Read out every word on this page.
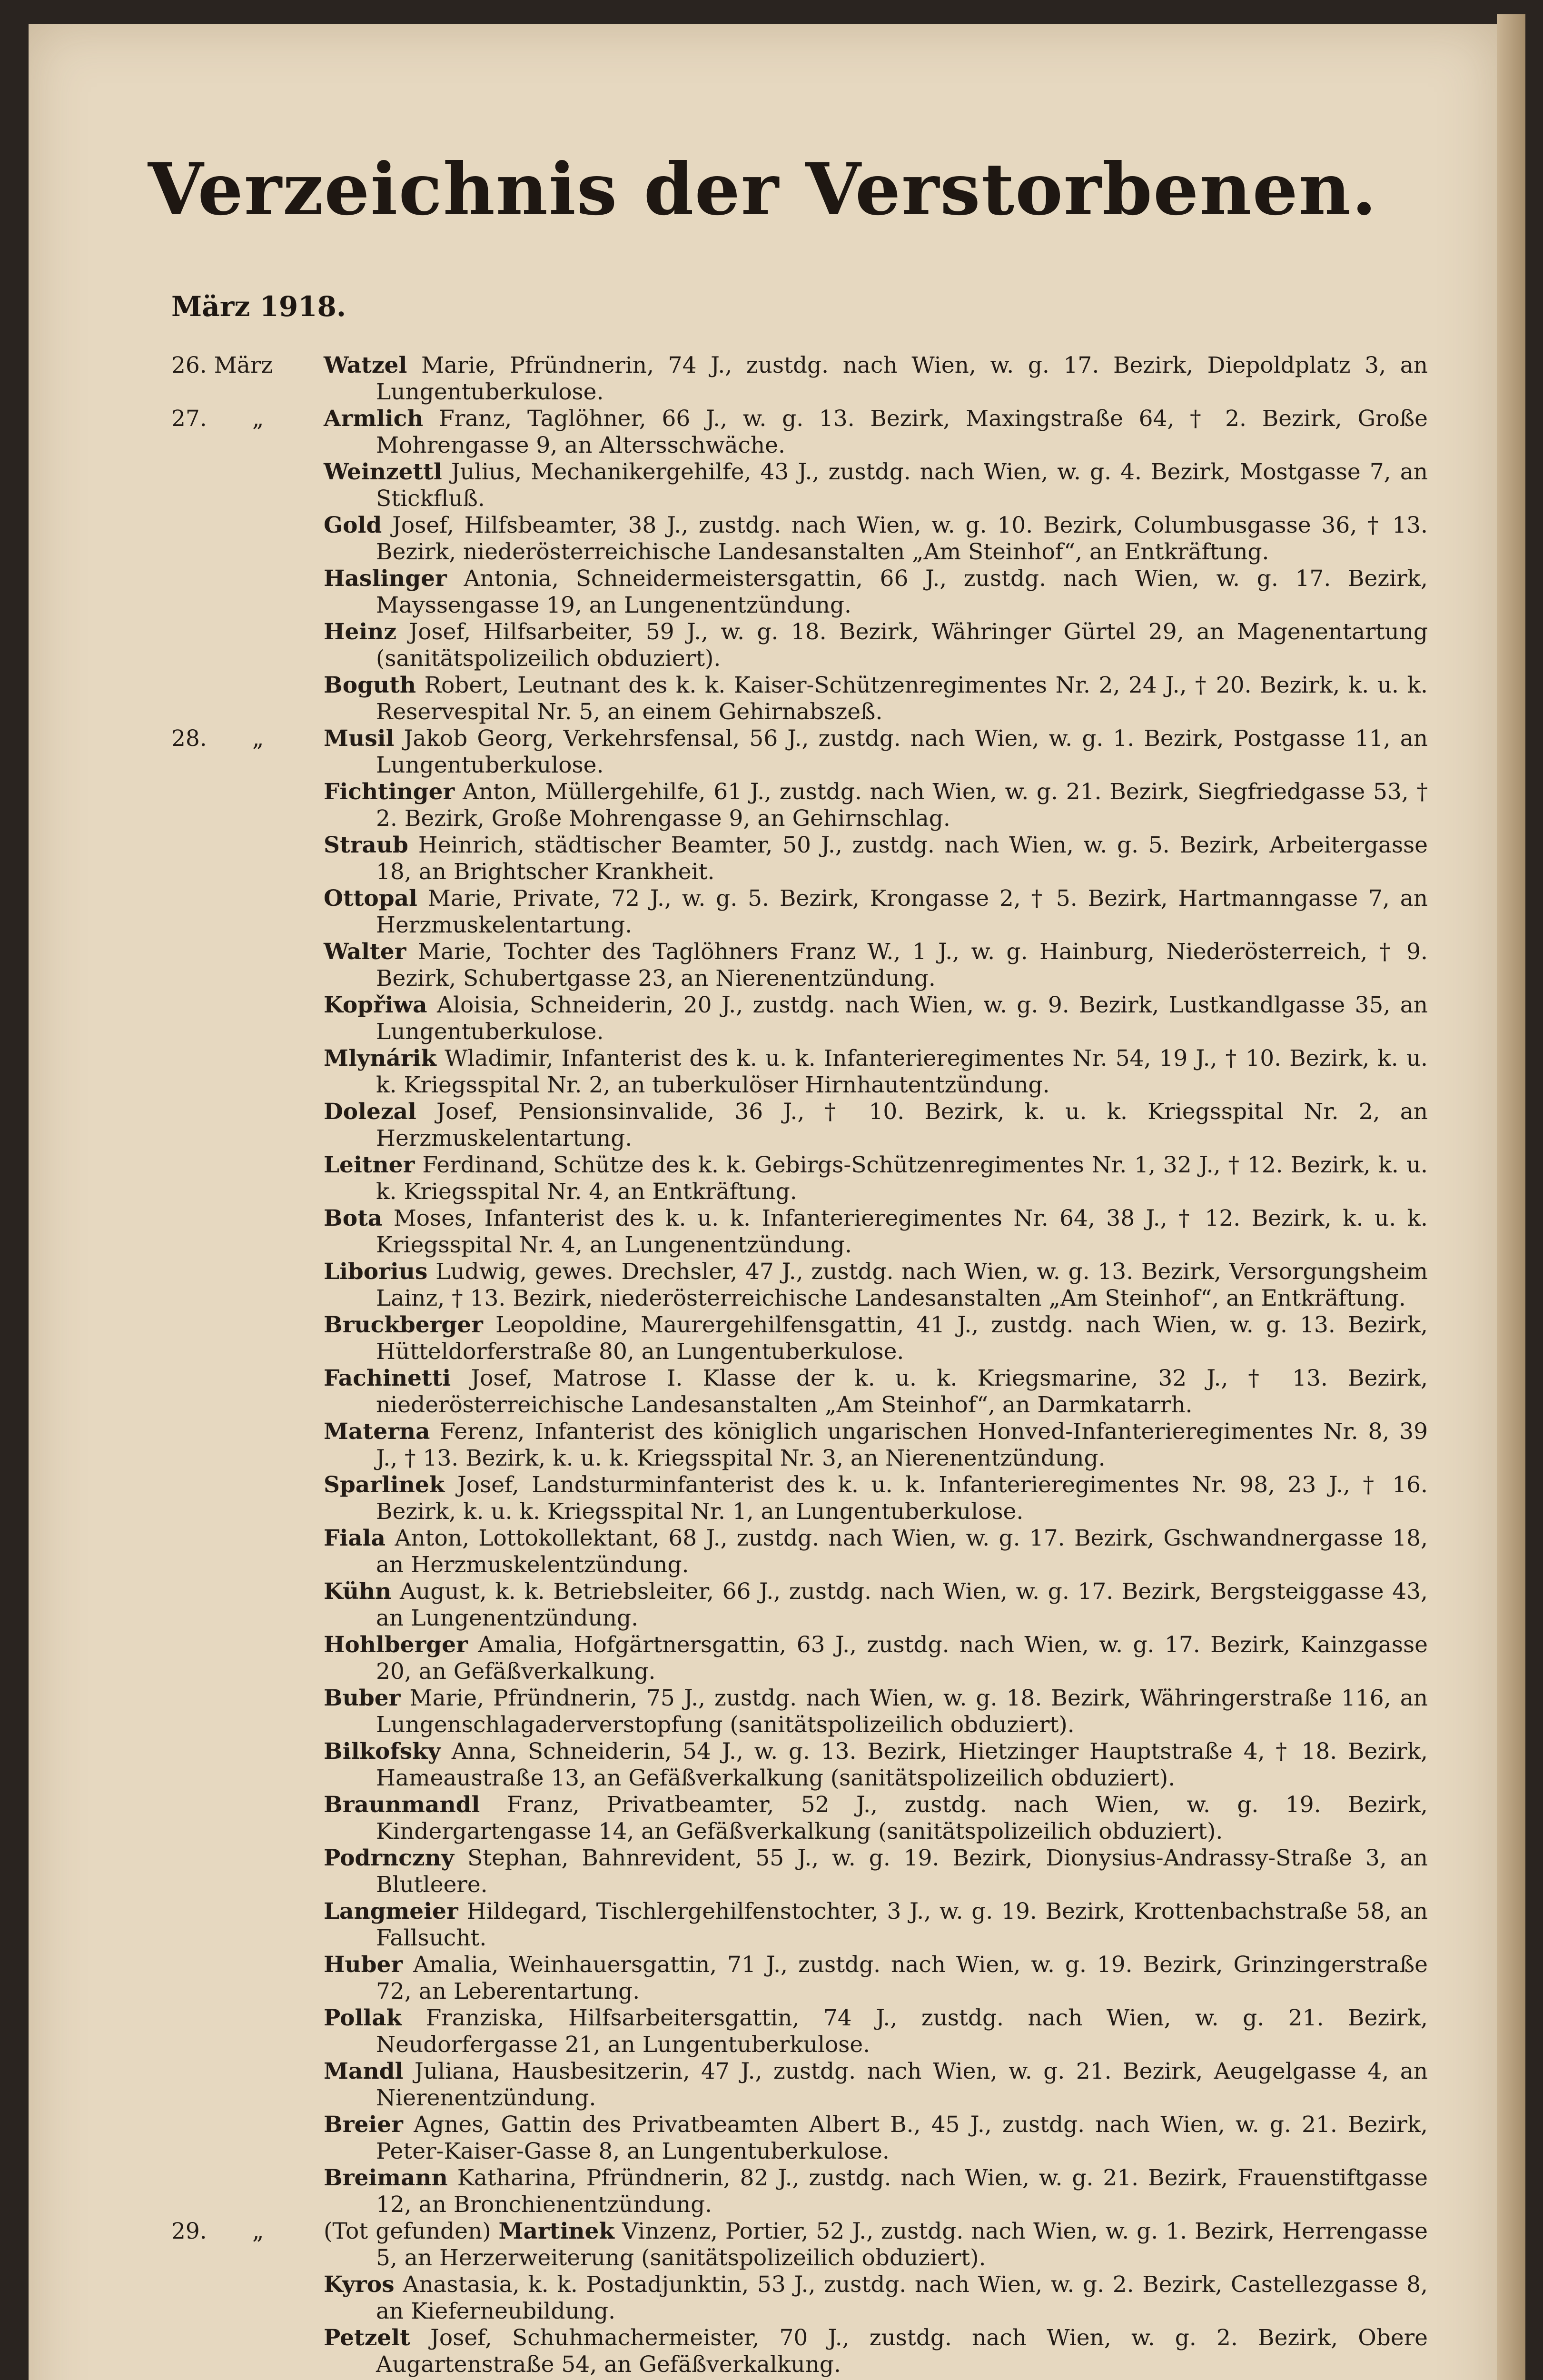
Verzeichnis der Verstorbenen.
März 1918.
26. März Watzel Marie, Pfründnerin, 74 J., zustdg. nach Wien, w. g. 17. Bezirk, Diepoldplatz 3, an Lungentuberkulose.
27. „	Armlich Franz, Taglöhner, 66 J., w. g. 13. Bezirk, Maxingstraße 64, † 2. Bezirk, Große Mohrengasse 9, an Altersschwäche.
Weinzettl Julius, Mechanikergehilfe, 43 J., zustdg. nach Wien, w. g. 4. Bezirk, Mostgasse 7, an Stickfluß.
Gold Josef, Hilfsbeamter, 38 J., zustdg. nach Wien, w. g. 10. Bezirk, Columbusgasse 36, † 13. Bezirk, niederösterreichische Landesanstalten „Am Steinhof“, an Entkräftung.
Haslinger Antonia, Schneidermeistersgattin, 66 J., zustdg. nach Wien, w. g. 17. Bezirk, Mayssengasse 19, an Lungenentzündung.
Heinz Josef, Hilfsarbeiter, 59 J., w. g. 18. Bezirk, Währinger Gürtel 29, an Magenentartung (sanitätspolizeilich obduziert).
Boguth Robert, Leutnant des k. k. Kaiser-Schützenregimentes Nr. 2, 24 J., † 20. Bezirk, k. u. k. Reservespital Nr. 5, an einem Gehirnabszeß.
28. „	Musil Jakob Georg, Verkehrsfensal, 56 J., zustdg. nach Wien, w. g. 1. Bezirk, Postgasse 11, an Lungentuberkulose.
Fichtinger Anton, Müllergehilfe, 61 J., zustdg. nach Wien, w. g. 21. Bezirk, Siegfriedgasse 53, † 2. Bezirk, Große Mohrengasse 9, an Gehirnschlag.
Straub Heinrich, städtischer Beamter, 50 J., zustdg. nach Wien, w. g. 5. Bezirk, Arbeitergasse 18, an Brightscher Krankheit.
Ottopal Marie, Private, 72 J., w. g. 5. Bezirk, Krongasse 2, † 5. Bezirk, Hartmanngasse 7, an Herzmuskelentartung.
Walter Marie, Tochter des Taglöhners Franz W., 1 J., w. g. Hainburg, Niederösterreich, † 9. Bezirk, Schubertgasse 23, an Nierenentzündung.
Kopřiwa Aloisia, Schneiderin, 20 J., zustdg. nach Wien, w. g. 9. Bezirk, Lustkandlgasse 35, an Lungentuberkulose.
Mlynárik Wladimir, Infanterist des k. u. k. Infanterieregimentes Nr. 54, 19 J., † 10. Bezirk, k. u. k. Kriegsspital Nr. 2, an tuberkulöser Hirnhautentzündung.
Dolezal Josef, Pensionsinvalide, 36 J., † 10. Bezirk, k. u. k. Kriegsspital Nr. 2, an Herzmuskelentartung.
Leitner Ferdinand, Schütze des k. k. Gebirgs-Schützenregimentes Nr. 1, 32 J., † 12. Bezirk, k. u. k. Kriegsspital Nr. 4, an Entkräftung.
Bota Moses, Infanterist des k. u. k. Infanterieregimentes Nr. 64, 38 J., † 12. Bezirk, k. u. k. Kriegsspital Nr. 4, an Lungenentzündung.
Liborius Ludwig, gewes. Drechsler, 47 J., zustdg. nach Wien, w. g. 13. Bezirk, Versorgungsheim Lainz, † 13. Bezirk, niederösterreichische Landesanstalten „Am Steinhof“, an Entkräftung.
Bruckberger Leopoldine, Maurergehilfensgattin, 41 J., zustdg. nach Wien, w. g. 13. Bezirk, Hütteldorferstraße 80, an Lungentuberkulose.
Fachinetti Josef, Matrose I. Klasse der k. u. k. Kriegsmarine, 32 J., † 13. Bezirk, niederösterreichische Landesanstalten „Am Steinhof“, an Darmkatarrh.
Materna Ferenz, Infanterist des königlich ungarischen Honved-Infanterieregimentes Nr. 8, 39 J., † 13. Bezirk, k. u. k. Kriegsspital Nr. 3, an Nierenentzündung.
Sparlinek Josef, Landsturminfanterist des k. u. k. Infanterieregimentes Nr. 98, 23 J., † 16. Bezirk, k. u. k. Kriegsspital Nr. 1, an Lungentuberkulose.
Fiala Anton, Lottokollektant, 68 J., zustdg. nach Wien, w. g. 17. Bezirk, Gschwandnergasse 18, an Herzmuskelentzündung.
Kühn August, k. k. Betriebsleiter, 66 J., zustdg. nach Wien, w. g. 17. Bezirk, Bergsteiggasse 43, an Lungenentzündung.
Hohlberger Amalia, Hofgärtnersgattin, 63 J., zustdg. nach Wien, w. g. 17. Bezirk, Kainzgasse 20, an Gefäßverkalkung.
Buber Marie, Pfründnerin, 75 J., zustdg. nach Wien, w. g. 18. Bezirk, Währingerstraße 116, an Lungenschlagaderverstopfung (sanitätspolizeilich obduziert).
Bilkofsky Anna, Schneiderin, 54 J., w. g. 13. Bezirk, Hietzinger Hauptstraße 4, † 18. Bezirk, Hameaustraße 13, an Gefäßverkalkung (sanitätspolizeilich obduziert).
Braunmandl Franz, Privatbeamter, 52 J., zustdg. nach Wien, w. g. 19. Bezirk, Kindergartengasse 14, an Gefäßverkalkung (sanitätspolizeilich obduziert).
Podrnczny Stephan, Bahnrevident, 55 J., w. g. 19. Bezirk, Dionysius-Andrassy-Straße 3, an Blutleere.
Langmeier Hildegard, Tischlergehilfenstochter, 3 J., w. g. 19. Bezirk, Krottenbachstraße 58, an Fallsucht.
Huber Amalia, Weinhauersgattin, 71 J., zustdg. nach Wien, w. g. 19. Bezirk, Grinzingerstraße 72, an Leberentartung.
Pollak Franziska, Hilfsarbeitersgattin, 74 J., zustdg. nach Wien, w. g. 21. Bezirk, Neudorfergasse 21, an Lungentuberkulose.
Mandl Juliana, Hausbesitzerin, 47 J., zustdg. nach Wien, w. g. 21. Bezirk, Aeugelgasse 4, an Nierenentzündung.
Breier Agnes, Gattin des Privatbeamten Albert B., 45 J., zustdg. nach Wien, w. g. 21. Bezirk, Peter-Kaiser-Gasse 8, an Lungentuberkulose.
Breimann Katharina, Pfründnerin, 82 J., zustdg. nach Wien, w. g. 21. Bezirk, Frauenstiftgasse 12, an Bronchienentzündung.
29. „	(Tot gefunden) Martinek Vinzenz, Portier, 52 J., zustdg. nach Wien, w. g. 1. Bezirk, Herrengasse 5, an Herzerweiterung (sanitätspolizeilich obduziert).
Kyros Anastasia, k. k. Postadjunktin, 53 J., zustdg. nach Wien, w. g. 2. Bezirk, Castellezgasse 8, an Kieferneubildung.
Petzelt Josef, Schuhmachermeister, 70 J., zustdg. nach Wien, w. g. 2. Bezirk, Obere Augartenstraße 54, an Gefäßverkalkung.
